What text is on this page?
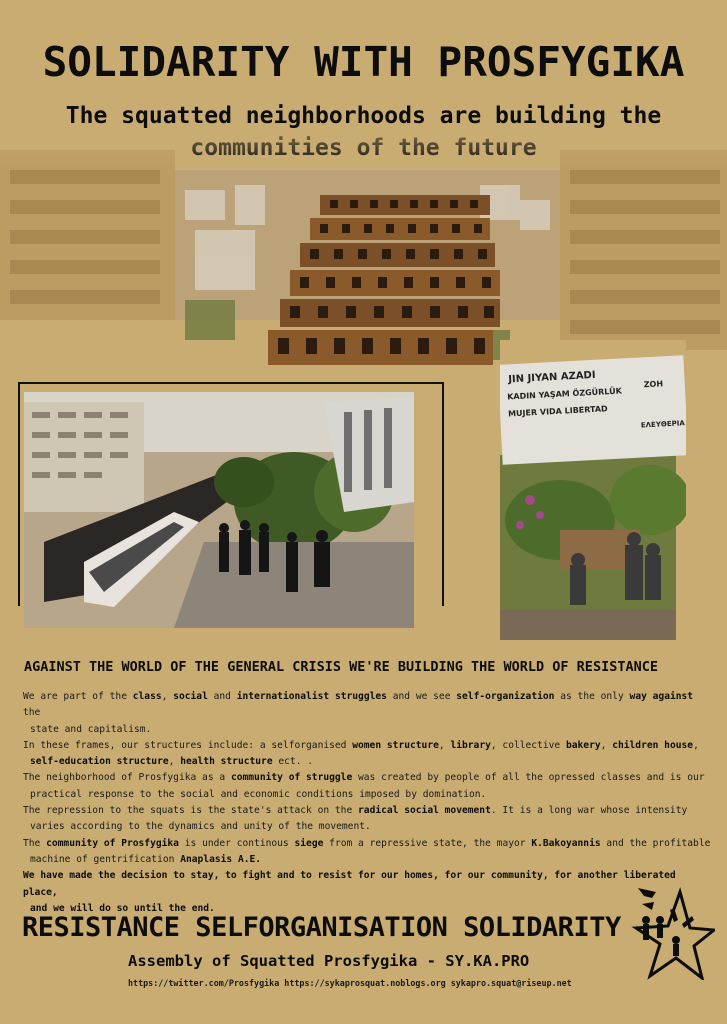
SOLIDARITY WITH PROSFYGIKA
The squatted neighborhoods are building the
JIN JIYAN AZADI
KADIN YAŞAM ÖZGÜRLÜK
MUJER VIDA LIBERTAD
ZOH
ΕΛΕΥΘΕΡΙΑ
AGAINST THE WORLD OF THE GENERAL CRISIS WE'RE BUILDING THE WORLD OF RESISTANCE

We are part of the class, social and internationalist struggles and we see self-organization as the only way against the

state and capitalism.

In these frames, our structures include: a selforganised women structure, library, collective bakery, children house,

self-education structure, health structure ect. .

The neighborhood of Prosfygika as a community of struggle was created by people of all the opressed classes and is our

practical response to the social and economic conditions imposed by domination.

The repression to the squats is the state's attack on the radical social movement. It is a long war whose intensity

varies according to the dynamics and unity of the movement.

The community of Prosfygika is under continous siege from a repressive state, the mayor K.Bakoyannis and the profitable

machine of gentrification Anaplasis A.E.

We have made the decision to stay, to fight and to resist for our homes, for our community, for another liberated place,

and we will do so until the end.

RESISTANCE SELFORGANISATION SOLIDARITY
Assembly of Squatted Prosfygika - SY.KA.PRO
https://twitter.com/Prosfygika https://sykaprosquat.noblogs.org sykapro.squat@riseup.net
